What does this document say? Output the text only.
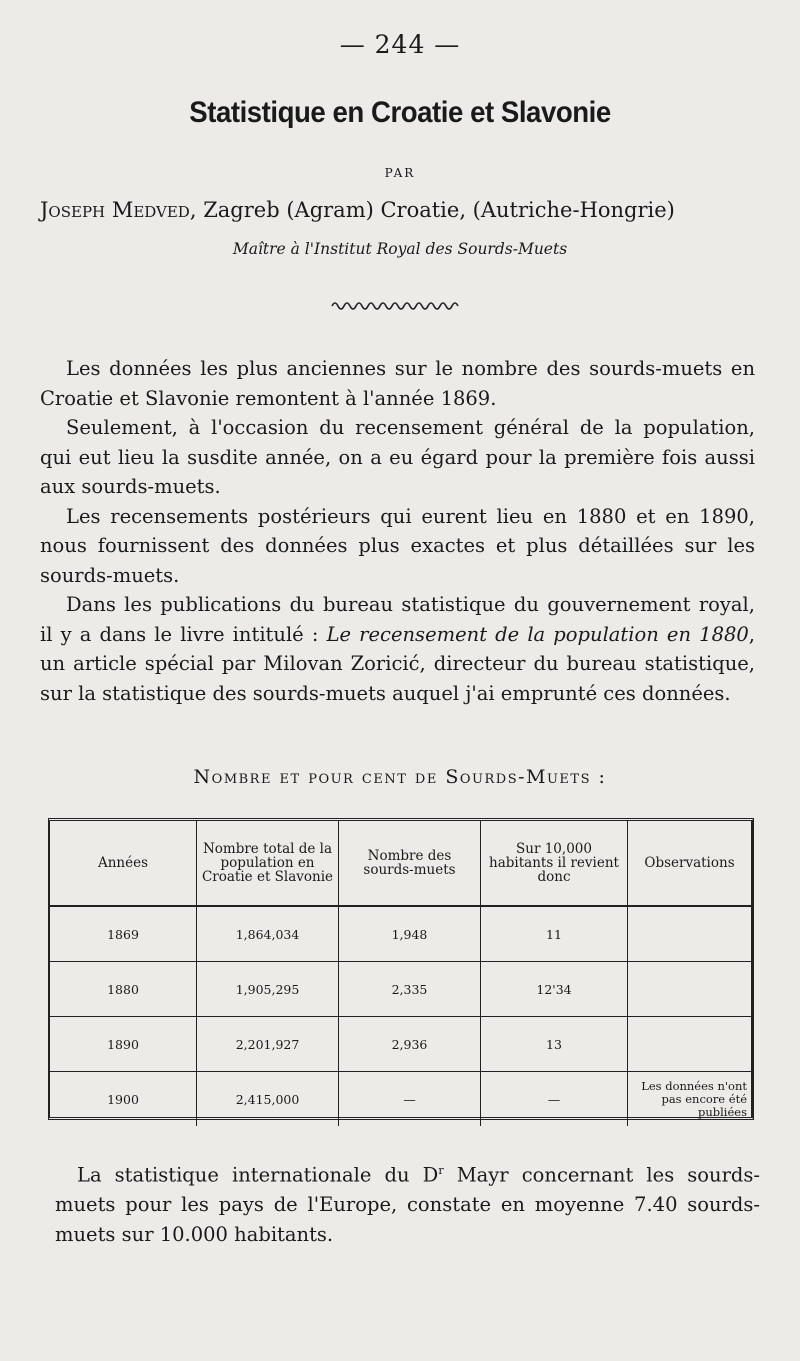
— 244 —
Statistique en Croatie et Slavonie
PAR
Joseph Medved, Zagreb (Agram) Croatie, (Autriche-Hongrie)
Maître à l'Institut Royal des Sourds-Muets

Les données les plus anciennes sur le nombre des sourds-muets en Croatie et Slavonie remontent à l'année 1869.

Seulement, à l'occasion du recensement général de la population, qui eut lieu la susdite année, on a eu égard pour la première fois aussi aux sourds-muets.

Les recensements postérieurs qui eurent lieu en 1880 et en 1890, nous fournissent des données plus exactes et plus détaillées sur les sourds-muets.

Dans les publications du bureau statistique du gouvernement royal, il y a dans le livre intitulé : Le recensement de la population en 1880, un article spécial par Milovan Zoricić, directeur du bureau statistique, sur la statistique des sourds-muets auquel j'ai emprunté ces données.

Nombre et pour cent de Sourds-Muets :
Années	Nombre total de la population en Croatie et Slavonie	Nombre des sourds-muets	Sur 10,000 habitants il revient donc	Observations
1869	1,864,034	1,948	11	
1880	1,905,295	2,335	12'34	
1890	2,201,927	2,936	13	
1900	2,415,000	—	—	Les données n'ont pas encore été publiées

La statistique internationale du $D^r$ Mayr concernant les sourds-muets pour les pays de l'Europe, constate en moyenne 7.40 sourds-muets sur 10.000 habitants.
